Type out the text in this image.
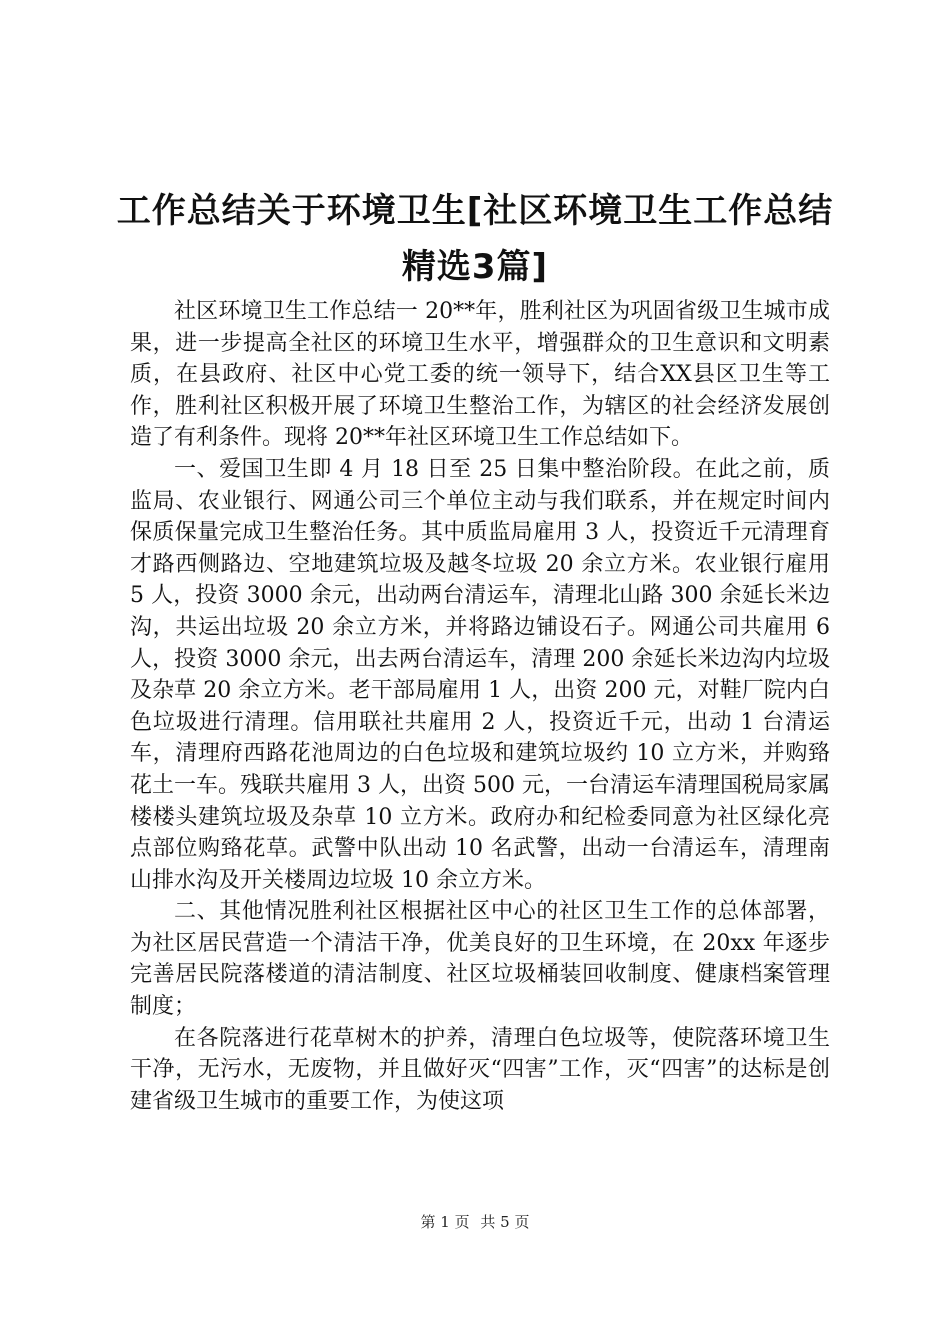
工作总结关于环境卫生[社区环境卫生工作总结精选3篇]

社区环境卫生工作总结一 20**年，胜利社区为巩固省级卫生城市成果，进一步提高全社区的环境卫生水平，增强群众的卫生意识和文明素质，在县政府、社区中心党工委的统一领导下，结合XX县区卫生等工作，胜利社区积极开展了环境卫生整治工作，为辖区的社会经济发展创造了有利条件。现将 20**年社区环境卫生工作总结如下。

一、爱国卫生即 4 月 18 日至 25 日集中整治阶段。在此之前，质监局、农业银行、网通公司三个单位主动与我们联系，并在规定时间内保质保量完成卫生整治任务。其中质监局雇用 3 人，投资近千元清理育才路西侧路边、空地建筑垃圾及越冬垃圾 20 余立方米。农业银行雇用 5 人，投资 3000 余元，出动两台清运车，清理北山路 300 余延长米边沟，共运出垃圾 20 余立方米，并将路边铺设石子。网通公司共雇用 6 人，投资 3000 余元，出去两台清运车，清理 200 余延长米边沟内垃圾及杂草 20 余立方米。老干部局雇用 1 人，出资 200 元，对鞋厂院内白色垃圾进行清理。信用联社共雇用 2 人，投资近千元，出动 1 台清运车，清理府西路花池周边的白色垃圾和建筑垃圾约 10 立方米，并购臵花土一车。残联共雇用 3 人，出资 500 元，一台清运车清理国税局家属楼楼头建筑垃圾及杂草 10 立方米。政府办和纪检委同意为社区绿化亮点部位购臵花草。武警中队出动 10 名武警，出动一台清运车，清理南山排水沟及开关楼周边垃圾 10 余立方米。

二、其他情况胜利社区根据社区中心的社区卫生工作的总体部署，为社区居民营造一个清洁干净，优美良好的卫生环境，在 20xx 年逐步完善居民院落楼道的清洁制度、社区垃圾桶装回收制度、健康档案管理制度；

在各院落进行花草树木的护养，清理白色垃圾等，使院落环境卫生干净，无污水，无废物，并且做好灭“四害”工作，灭“四害”的达标是创建省级卫生城市的重要工作，为使这项

第 1 页 共 5 页
